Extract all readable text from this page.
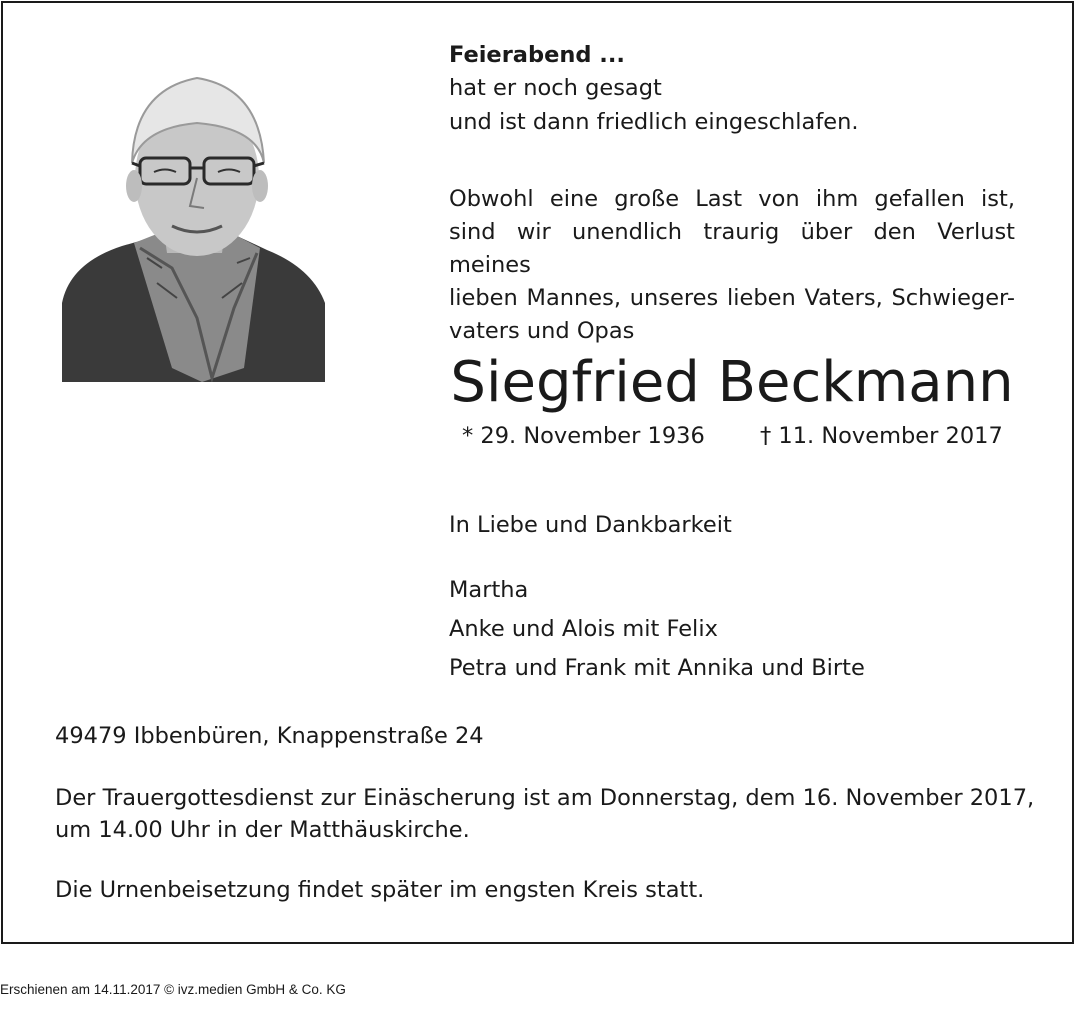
Feierabend ...
hat er noch gesagt
und ist dann friedlich eingeschlafen.
Obwohl eine große Last von ihm gefallen ist,
sind wir unendlich traurig über den Verlust meines
lieben Mannes, unseres lieben Vaters, Schwieger-
vaters und Opas
Siegfried Beckmann
* 29. November 1936 † 11. November 2017
In Liebe und Dankbarkeit
Martha
Anke und Alois mit Felix
Petra und Frank mit Annika und Birte
49479 Ibbenbüren, Knappenstraße 24
Der Trauergottesdienst zur Einäscherung ist am Donnerstag, dem 16. November 2017,
um 14.00 Uhr in der Matthäuskirche.
Die Urnenbeisetzung findet später im engsten Kreis statt.
Erschienen am 14.11.2017 © ivz.medien GmbH & Co. KG
